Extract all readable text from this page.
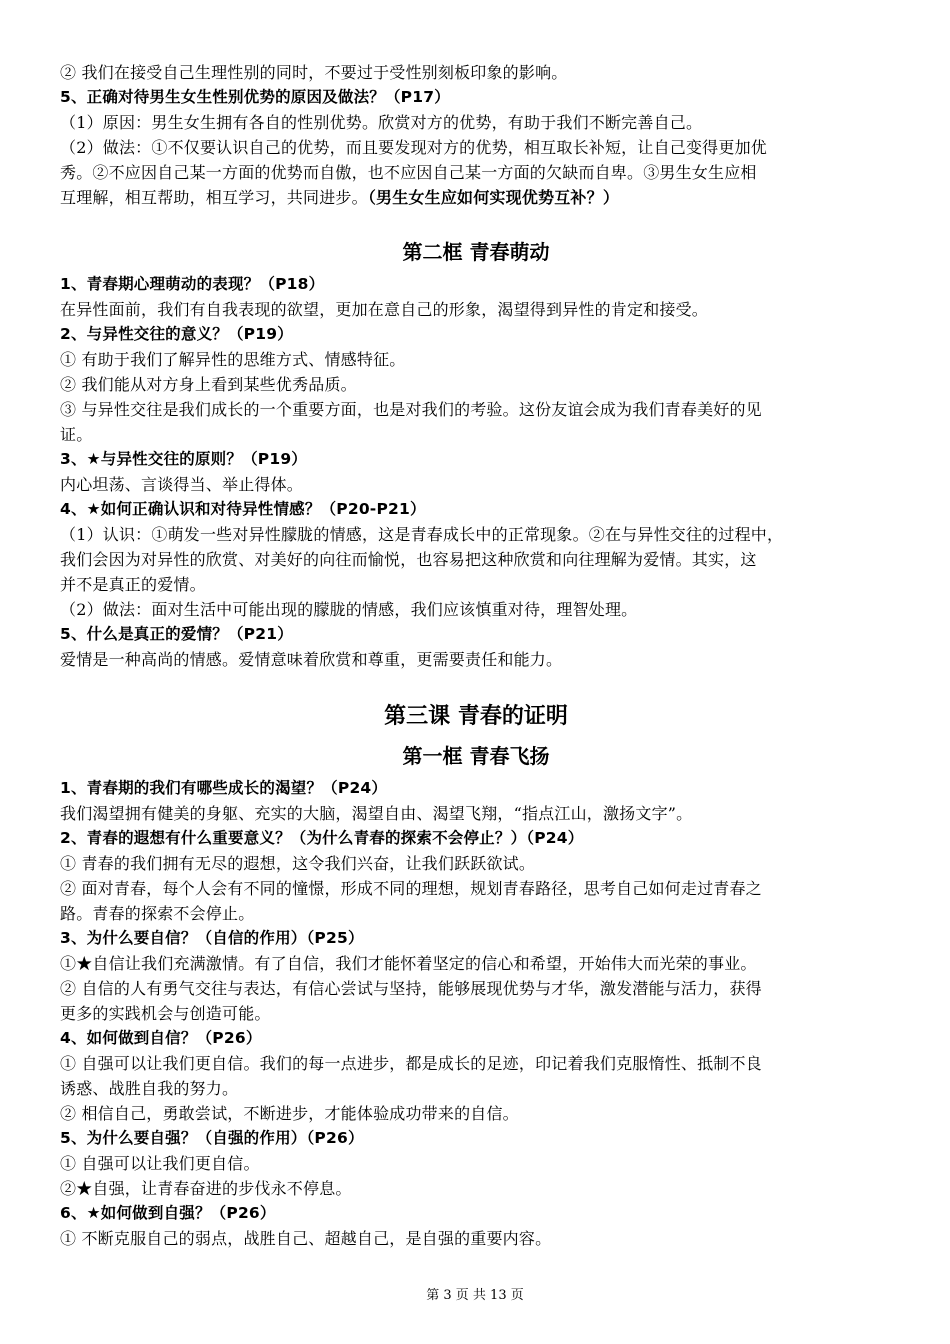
② 我们在接受自己生理性别的同时，不要过于受性别刻板印象的影响。
5、正确对待男生女生性别优势的原因及做法？（P17）
（1）原因：男生女生拥有各自的性别优势。欣赏对方的优势，有助于我们不断完善自己。
（2）做法：①不仅要认识自己的优势，而且要发现对方的优势，相互取长补短，让自己变得更加优
秀。②不应因自己某一方面的优势而自傲，也不应因自己某一方面的欠缺而自卑。③男生女生应相
互理解，相互帮助，相互学习，共同进步。（男生女生应如何实现优势互补？）
第二框 青春萌动
1、青春期心理萌动的表现？（P18）
在异性面前，我们有自我表现的欲望，更加在意自己的形象，渴望得到异性的肯定和接受。
2、与异性交往的意义？（P19）
① 有助于我们了解异性的思维方式、情感特征。
② 我们能从对方身上看到某些优秀品质。
③ 与异性交往是我们成长的一个重要方面，也是对我们的考验。这份友谊会成为我们青春美好的见
证。
3、★与异性交往的原则？（P19）
内心坦荡、言谈得当、举止得体。
4、★如何正确认识和对待异性情感？（P20-P21）
（1）认识：①萌发一些对异性朦胧的情感，这是青春成长中的正常现象。②在与异性交往的过程中，
我们会因为对异性的欣赏、对美好的向往而愉悦，也容易把这种欣赏和向往理解为爱情。其实，这
并不是真正的爱情。
（2）做法：面对生活中可能出现的朦胧的情感，我们应该慎重对待，理智处理。
5、什么是真正的爱情？（P21）
爱情是一种高尚的情感。爱情意味着欣赏和尊重，更需要责任和能力。
第三课 青春的证明
第一框 青春飞扬
1、青春期的我们有哪些成长的渴望？（P24）
我们渴望拥有健美的身躯、充实的大脑，渴望自由、渴望飞翔，“指点江山，激扬文字”。
2、青春的遐想有什么重要意义？（为什么青春的探索不会停止？）（P24）
① 青春的我们拥有无尽的遐想，这令我们兴奋，让我们跃跃欲试。
② 面对青春，每个人会有不同的憧憬，形成不同的理想，规划青春路径，思考自己如何走过青春之
路。青春的探索不会停止。
3、为什么要自信？（自信的作用）（P25）
①★自信让我们充满激情。有了自信，我们才能怀着坚定的信心和希望，开始伟大而光荣的事业。
② 自信的人有勇气交往与表达，有信心尝试与坚持，能够展现优势与才华，激发潜能与活力，获得
更多的实践机会与创造可能。
4、如何做到自信？（P26）
① 自强可以让我们更自信。我们的每一点进步，都是成长的足迹，印记着我们克服惰性、抵制不良
诱惑、战胜自我的努力。
② 相信自己，勇敢尝试，不断进步，才能体验成功带来的自信。
5、为什么要自强？（自强的作用）（P26）
① 自强可以让我们更自信。
②★自强，让青春奋进的步伐永不停息。
6、★如何做到自强？（P26）
① 不断克服自己的弱点，战胜自己、超越自己，是自强的重要内容。
第 3 页 共 13 页
